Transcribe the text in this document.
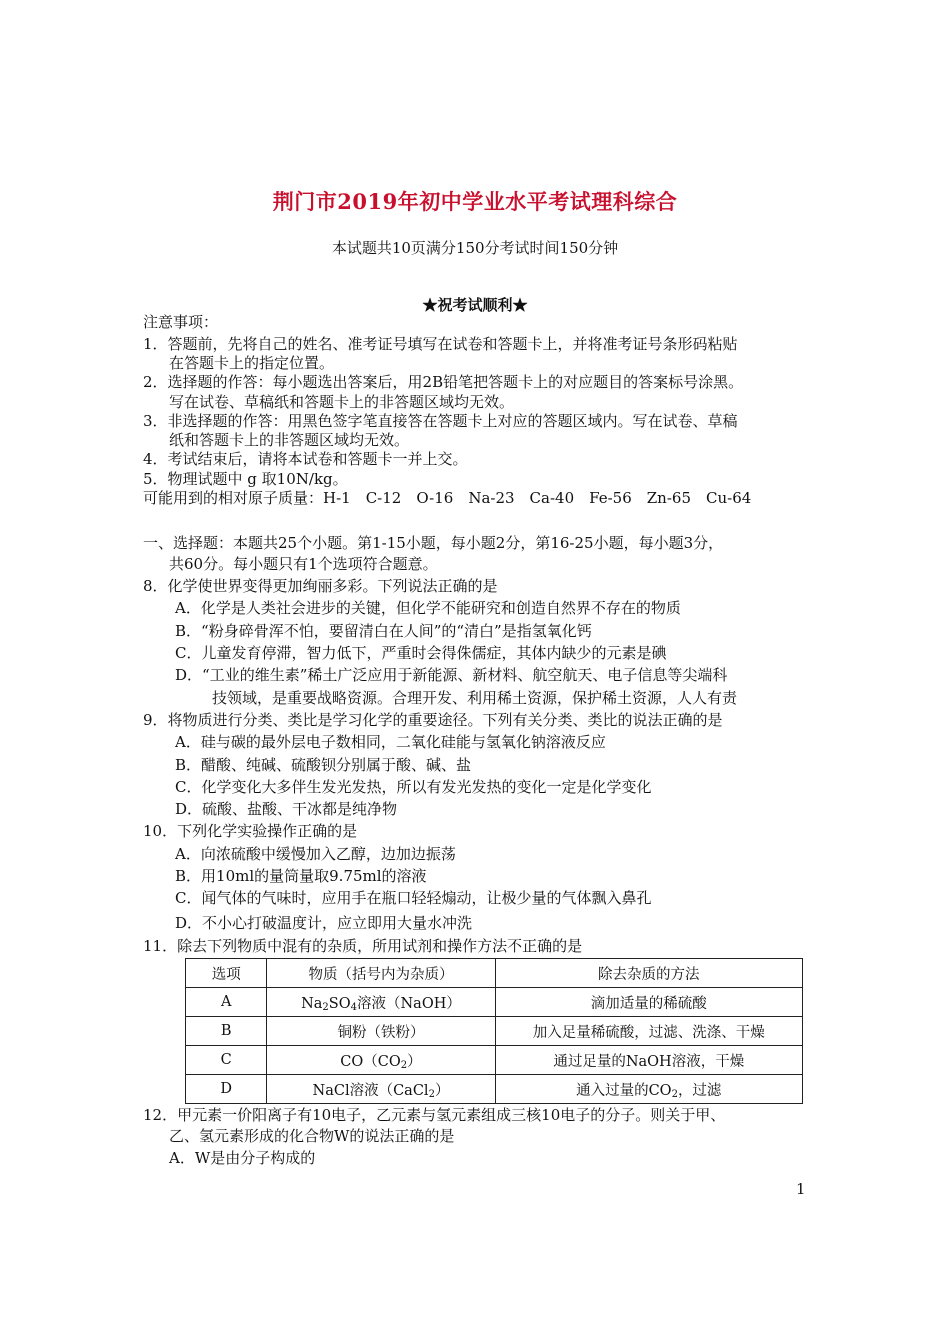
荆门市2019年初中学业水平考试理科综合
本试题共10页满分150分考试时间150分钟
★祝考试顺利★
注意事项：
1．答题前，先将自己的姓名、准考证号填写在试卷和答题卡上，并将准考证号条形码粘贴
在答题卡上的指定位置。
2．选择题的作答：每小题选出答案后，用2B铅笔把答题卡上的对应题目的答案标号涂黑。
写在试卷、草稿纸和答题卡上的非答题区域均无效。
3．非选择题的作答：用黑色签字笔直接答在答题卡上对应的答题区域内。写在试卷、草稿
纸和答题卡上的非答题区域均无效。
4．考试结束后，请将本试卷和答题卡一并上交。
5．物理试题中 g 取10N/kg。
可能用到的相对原子质量：H-1　C-12　O-16　Na-23　Ca-40　Fe-56　Zn-65　Cu-64
一、选择题：本题共25个小题。第1-15小题，每小题2分，第16-25小题，每小题3分，
共60分。每小题只有1个选项符合题意。
8．化学使世界变得更加绚丽多彩。下列说法正确的是
A．化学是人类社会进步的关键，但化学不能研究和创造自然界不存在的物质
B．“粉身碎骨浑不怕，要留清白在人间”的“清白”是指氢氧化钙
C．儿童发育停滞，智力低下，严重时会得侏儒症，其体内缺少的元素是碘
D．“工业的维生素”稀土广泛应用于新能源、新材料、航空航天、电子信息等尖端科
技领域，是重要战略资源。合理开发、利用稀土资源，保护稀土资源，人人有责
9．将物质进行分类、类比是学习化学的重要途径。下列有关分类、类比的说法正确的是
A．硅与碳的最外层电子数相同，二氧化硅能与氢氧化钠溶液反应
B．醋酸、纯碱、硫酸钡分别属于酸、碱、盐
C．化学变化大多伴生发光发热，所以有发光发热的变化一定是化学变化
D．硫酸、盐酸、干冰都是纯净物
10．下列化学实验操作正确的是
A．向浓硫酸中缓慢加入乙醇，边加边振荡
B．用10ml的量筒量取9.75ml的溶液
C．闻气体的气味时，应用手在瓶口轻轻煽动，让极少量的气体飘入鼻孔
D．不小心打破温度计，应立即用大量水冲洗
11．除去下列物质中混有的杂质，所用试剂和操作方法不正确的是
选项	物质（括号内为杂质）	除去杂质的方法
A	$Na_2SO_4$溶液（NaOH）	滴加适量的稀硫酸
B	铜粉（铁粉）	加入足量稀硫酸，过滤、洗涤、干燥
C	$CO(CO_2)$	通过足量的NaOH溶液，干燥
D	NaCl溶液（CaCl$_2$）	通入过量的$CO_2$，过滤
12．甲元素一价阳离子有10电子，乙元素与氢元素组成三核10电子的分子。则关于甲、
乙、氢元素形成的化合物W的说法正确的是
A．W是由分子构成的
1
